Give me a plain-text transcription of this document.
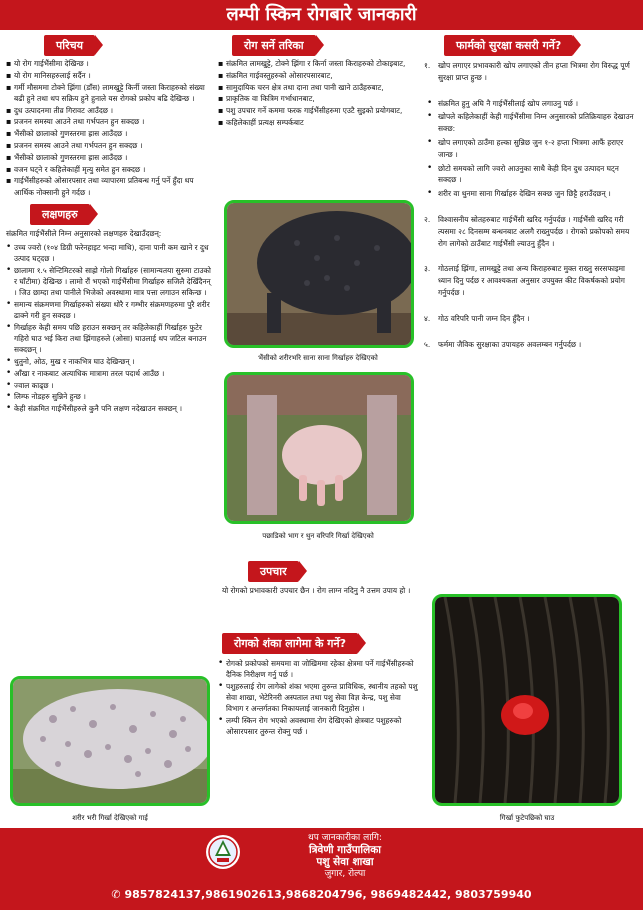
लम्पी स्किन रोगबारे जानकारी
परिचय
▪ यो रोग गाईभैंसीमा देखिन्छ ।
▪ यो रोग मानिसहरुलाई सर्दैन ।
▪ गर्मी मौसममा टोक्ने झिंगा (डाँस) लामखुट्टे किर्नी जस्ता किराहरुको संख्या बढी हुने तथा थप सक्रिय हुने हुनाले यस रोगको प्रकोप बढि देखिन्छ ।
▪ दुध उत्पादनमा तीव्र गिरावट आउँदछ ।
▪ प्रजनन समस्या आउने तथा गर्भपतन हुन सक्दछ ।
▪ भैंसीको छालाको गुणस्तरमा ह्रास आउँदछ ।
▪ प्रजनन समस्य आउने तथा गर्भपतन हुन सक्दछ ।
▪ भैंसीको छालाको गुणस्तरमा ह्रास आउँदछ ।
▪ वजन घट्ने र कहिलेकाहीं मृत्यु समेत हुन सक्दछ ।
▪ गाईभैंसीहरुको ओसारपसार तथा व्यापारमा प्रतिबन्ध गर्नु पर्ने हुँदा थप आर्थिक नोक्सानी हुने गर्दछ ।
लक्षणहरु

संक्रमित गाईभैंसीले निम्न अनुसारको लक्षणहरु देखाउँदछन्:

• उच्च ज्वरो (१०४ डिग्री फरेनहाइट भन्दा माथि), दाना पानी कम खाने र दुध उत्पाद घट्दछ ।
• छालामा १.५ सेन्टिमिटरको साह्रो गोलो गिर्खाहरु (सामान्यतया सुरुमा टाउको र घाँटीमा) देखिन्छ । लामो रौं भएको गाईभैंसीमा गिर्खाहरु सजिलै देखिँदैनन् । जिउ छाम्दा तथा पानीले भिजेको अवस्थामा मात्र पत्ता लगाउन सकिन्छ ।
• समान्य संक्रमणमा गिर्खाहरुको संख्या थोरै र गम्भीर संक्रमणहरुमा पुरै शरीर ढाक्ने गरी हुन सक्दछ ।
• गिर्खाहरु केही समय पछि हराउन सक्छन् तर कहिलेकाहीं गिर्खाहरु फुटेर गहिरो घाउ भई किरा तथा झिंगाहरुले (ओसा) घाउलाई थप जटिल बनाउन सक्दछन् ।
• थुतुनो, ओठ, मुख र नाकभित्र घाउ देखिन्छन् ।
• आँखा र नाकबाट अत्याधिक मात्रामा तरल पदार्थ आउँछ ।
• ज्वाल काढ्छ ।
• लिम्फ नोडहरु सुन्निने हुन्छ ।
• केही संक्रमित गाईभैंसीहरुले कुनै पनि लक्षण नदेखाउन सक्छन् ।
शरीर भरी गिर्खा देखिएको गाई
रोग सर्ने तरिका
▪ संक्रमित लामखुट्टे, टोक्ने झिंगा र किर्ना जस्ता किराहरुको टोकाइबाट,
▪ संक्रमित गाईवस्तुहरुको ओसारपसारबाट,
▪ सामुदायिक चरन क्षेत्र तथा दाना तथा पानी खाने ठाउँहरुबाट,
▪ प्राकृतिक वा कित्रिम गर्भाधानबाट,
▪ पशु उपचार गर्ने कममा फरक गाईभैंसीहरुमा एउटै सुइको प्रयोगबाट,
▪ कहिलेकाहीं प्रत्यक्ष सम्पर्कबाट
भैंसीको शरीरभरि साना साना गिर्खाहरु देखिएको
पछाडिको भाग र थुन वरिपरि गिर्खा देखिएको
उपचार

यो रोगको प्रभावकारी उपचार छैन । रोग लाग्न नदिनु नै उत्तम उपाय हो ।

रोगको शंका लागेमा के गर्ने?
• रोगको प्रकोपको समयमा वा जोखिममा रहेका क्षेत्रमा पर्ने गाईभैंसीहरुको दैनिक निरीक्षण गर्नु पर्छ ।
• पशुहरुलाई रोग लागेको शंका भएमा तुरुन्त प्राविधिक, स्थानीय तहको पशु सेवा शाखा, भेटेरिनरी अस्पताल तथा पशु सेवा विज्ञ केन्द्र, पशु सेवा विभाग र अन्तर्गतका निकायलाई जानकारी दिनुहोस ।
• लम्पी स्किन रोग भएको अवस्थामा रोग देखिएको क्षेत्रबाट पशुहरुको ओसारपसार तुरुन्त रोक्नु पर्छ ।
फार्मको सुरक्षा कसरी गर्ने?
१. खोप लगाएर प्रभावकारी खोप लगाएको तीन हप्ता भित्रमा रोग विरुद्ध पूर्ण सुरक्षा प्राप्त हुन्छ ।
• संक्रमित हुनु अघि नै गाईभैंसीलाई खोप लगाउनु पर्छ ।
• खोपले कहिलेकाहीं केही गाईभैंसीमा निम्न अनुसारको प्रतिक्रियाहरु देखाउन सक्छ:
• खोप लगाएको ठाउँमा हल्का सुन्निछ जुन १-२ हप्ता भित्रमा आफैं हराएर जान्छ ।
• छोटो समयको लागि ज्वरो आउनुका साथै केही दिन दुध उत्पादन घट्न सक्दछ ।
• शरीर वा थुनमा साना गिर्खाहरु देखिन सक्छ जुन छिट्टै हराउँदछन् ।
२. विश्वासनीय स्रोतहरुबाट गाईभैंसी खरिद गर्नुपर्दछ । गाईभैंसी खरिद गरी त्यसमा २८ दिनसम्म बन्धनबाट अलगै राख्नुपर्दछ । रोगको प्रकोपको समय रोग लागेको ठाउँबाट गाईभैंसी ल्याउनु हुँदैन ।
३. गोठलाई झिंगा, लामखुट्टे तथा अन्य किराहरुबाट मुक्त राख्नु सरसफाइमा ध्यान दिनु पर्दछ र आवश्यकता अनुसार उपयुक्त कीट विकर्षकको प्रयोग गर्नुपर्दछ ।
४. गोठ वरिपरि पानी जम्न दिन हुँदैन ।
५. फर्ममा जैविक सुरक्षाका उपायहरु अवलम्बन गर्नुपर्दछ ।
गिर्खा फुटेपछिको घाउ
थप जानकारीका लागि:
त्रिवेणी गाउँपालिका
पशु सेवा शाखा
जुगार, रोल्पा
✆ 9857824137,9861902613,9868204796, 9869482442, 9803759940
